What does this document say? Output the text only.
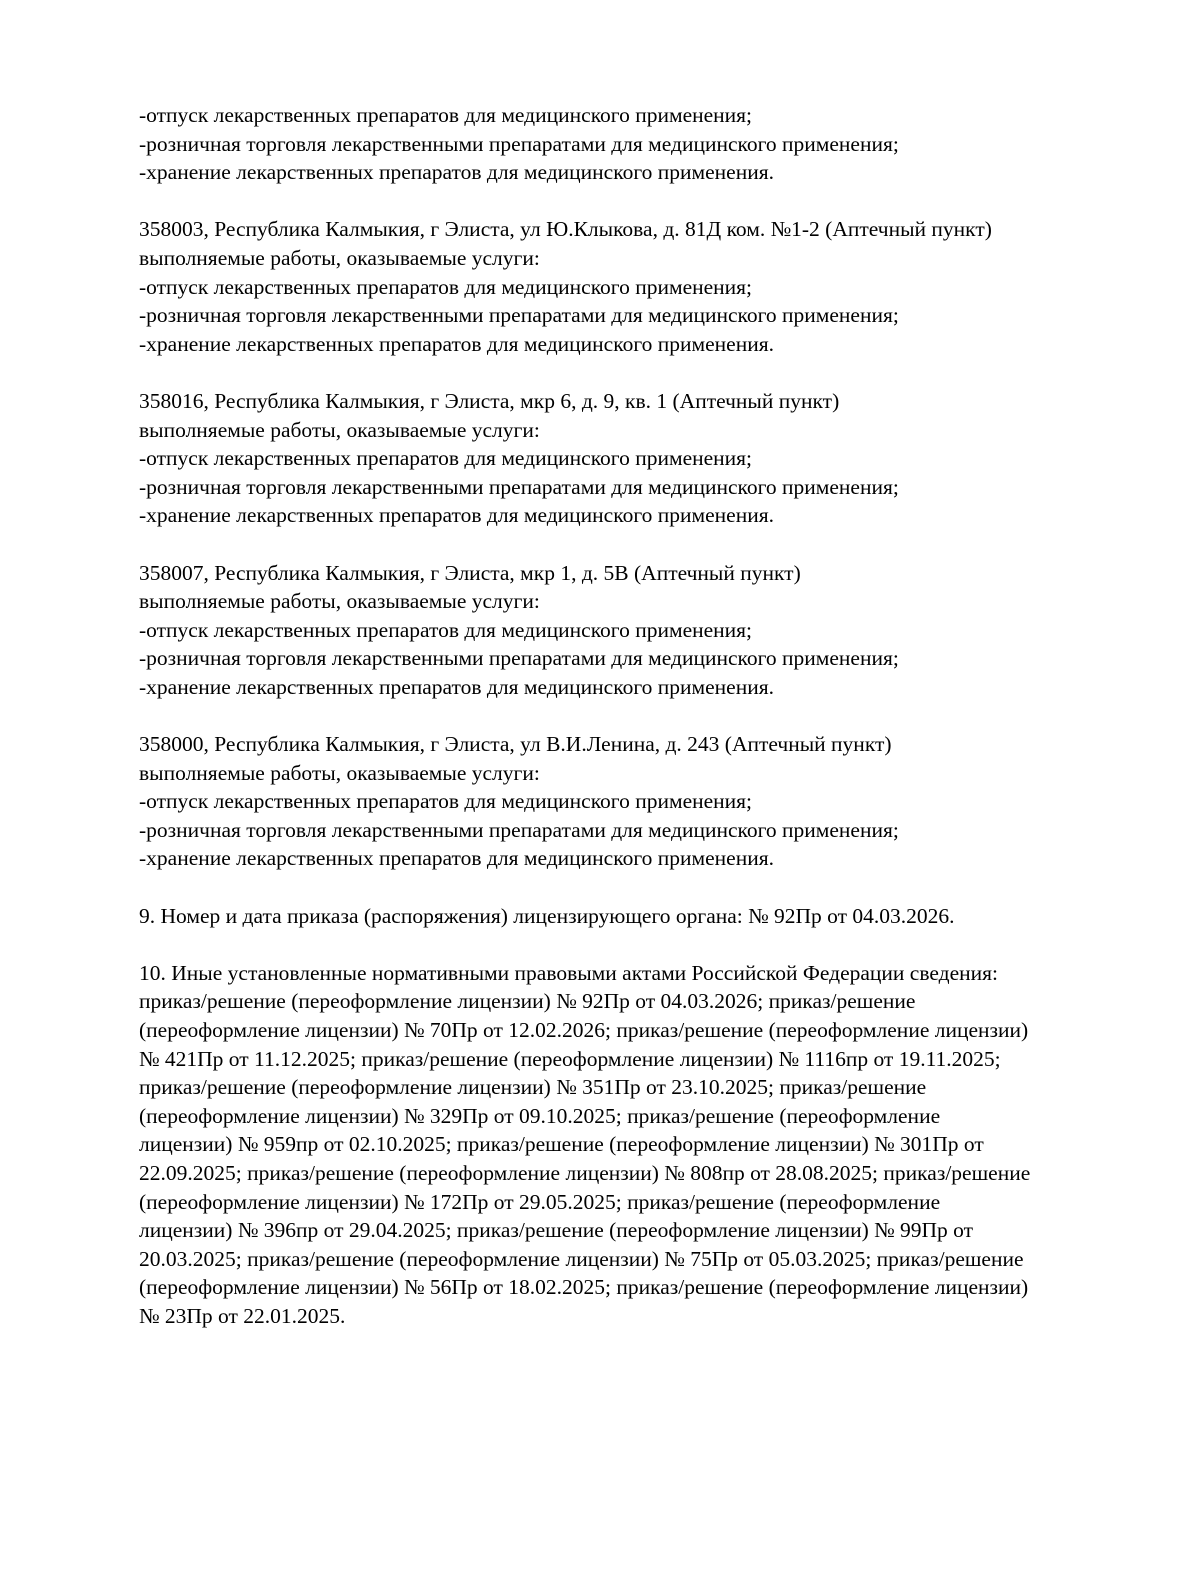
-отпуск лекарственных препаратов для медицинского применения;
-розничная торговля лекарственными препаратами для медицинского применения;
-хранение лекарственных препаратов для медицинского применения.
358003, Республика Калмыкия, г Элиста, ул Ю.Клыкова, д. 81Д ком. №1-2 (Аптечный пункт)
выполняемые работы, оказываемые услуги:
-отпуск лекарственных препаратов для медицинского применения;
-розничная торговля лекарственными препаратами для медицинского применения;
-хранение лекарственных препаратов для медицинского применения.
358016, Республика Калмыкия, г Элиста, мкр 6, д. 9, кв. 1 (Аптечный пункт)
выполняемые работы, оказываемые услуги:
-отпуск лекарственных препаратов для медицинского применения;
-розничная торговля лекарственными препаратами для медицинского применения;
-хранение лекарственных препаратов для медицинского применения.
358007, Республика Калмыкия, г Элиста, мкр 1, д. 5В (Аптечный пункт)
выполняемые работы, оказываемые услуги:
-отпуск лекарственных препаратов для медицинского применения;
-розничная торговля лекарственными препаратами для медицинского применения;
-хранение лекарственных препаратов для медицинского применения.
358000, Республика Калмыкия, г Элиста, ул В.И.Ленина, д. 243 (Аптечный пункт)
выполняемые работы, оказываемые услуги:
-отпуск лекарственных препаратов для медицинского применения;
-розничная торговля лекарственными препаратами для медицинского применения;
-хранение лекарственных препаратов для медицинского применения.
9. Номер и дата приказа (распоряжения) лицензирующего органа: № 92Пр от 04.03.2026.
10. Иные установленные нормативными правовыми актами Российской Федерации сведения:
приказ/решение (переоформление лицензии) № 92Пр от 04.03.2026; приказ/решение
(переоформление лицензии) № 70Пр от 12.02.2026; приказ/решение (переоформление лицензии)
№ 421Пр от 11.12.2025; приказ/решение (переоформление лицензии) № 1116пр от 19.11.2025;
приказ/решение (переоформление лицензии) № 351Пр от 23.10.2025; приказ/решение
(переоформление лицензии) № 329Пр от 09.10.2025; приказ/решение (переоформление
лицензии) № 959пр от 02.10.2025; приказ/решение (переоформление лицензии) № 301Пр от
22.09.2025; приказ/решение (переоформление лицензии) № 808пр от 28.08.2025; приказ/решение
(переоформление лицензии) № 172Пр от 29.05.2025; приказ/решение (переоформление
лицензии) № 396пр от 29.04.2025; приказ/решение (переоформление лицензии) № 99Пр от
20.03.2025; приказ/решение (переоформление лицензии) № 75Пр от 05.03.2025; приказ/решение
(переоформление лицензии) № 56Пр от 18.02.2025; приказ/решение (переоформление лицензии)
№ 23Пр от 22.01.2025.
